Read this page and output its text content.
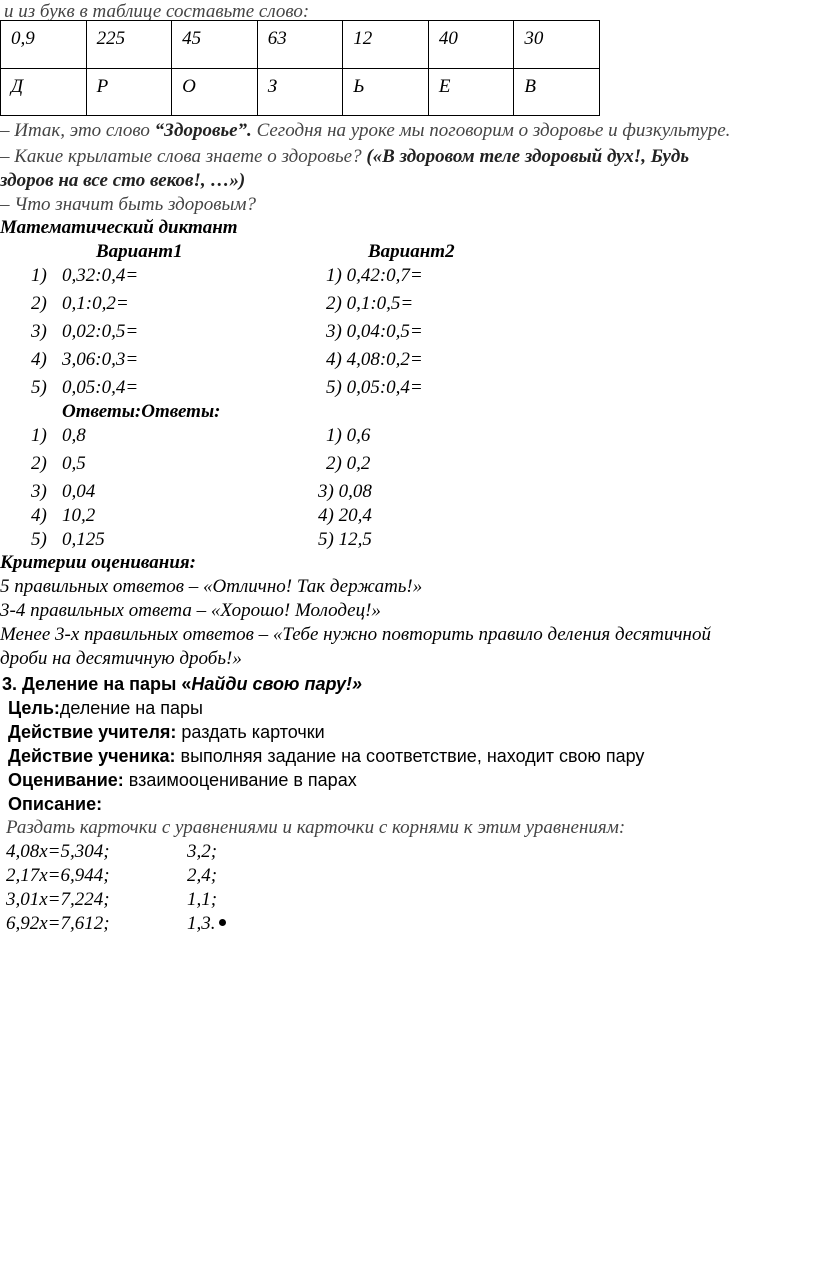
и из букв в таблице составьте слово:
0,9	225	45	63	12	40	30
Д	Р	О	З	Ь	Е	В
– Итак, это слово “Здоровье”. Сегодня на уроке мы поговорим о здоровье и физкультуре.
– Какие крылатые слова знаете о здоровье? («В здоровом теле здоровый дух!, Будь
здоров на все сто веков!, …»)
– Что значит быть здоровым?
Математический диктант
Вариант1	Вариант2
1) 0,32:0,4=	1) 0,42:0,7=
2) 0,1:0,2=	2) 0,1:0,5=
3) 0,02:0,5=	3) 0,04:0,5=
4) 3,06:0,3=	4) 4,08:0,2=
5) 0,05:0,4=	5) 0,05:0,4=
Ответы:Ответы:
1) 0,8	1) 0,6
2) 0,5	2) 0,2
3) 0,04	3) 0,08
4) 10,2	4) 20,4
5) 0,125	5) 12,5
Критерии оценивания:
5 правильных ответов – «Отлично! Так держать!»
3-4 правильных ответа – «Хорошо! Молодец!»
Менее 3-х правильных ответов – «Тебе нужно повторить правило деления десятичной
дроби на десятичную дробь!»
3. Деление на пары «Найди свою пару!»
Цель:деление на пары
Действие учителя: раздать карточки
Действие ученика: выполняя задание на соответствие, находит свою пару
Оценивание: взаимооценивание в парах
Описание:
Раздать карточки с уравнениями и карточки с корнями к этим уравнениям:
4,08x=5,304;	3,2;
2,17x=6,944;	2,4;
3,01x=7,224;	1,1;
6,92x=7,612;	1,3.
